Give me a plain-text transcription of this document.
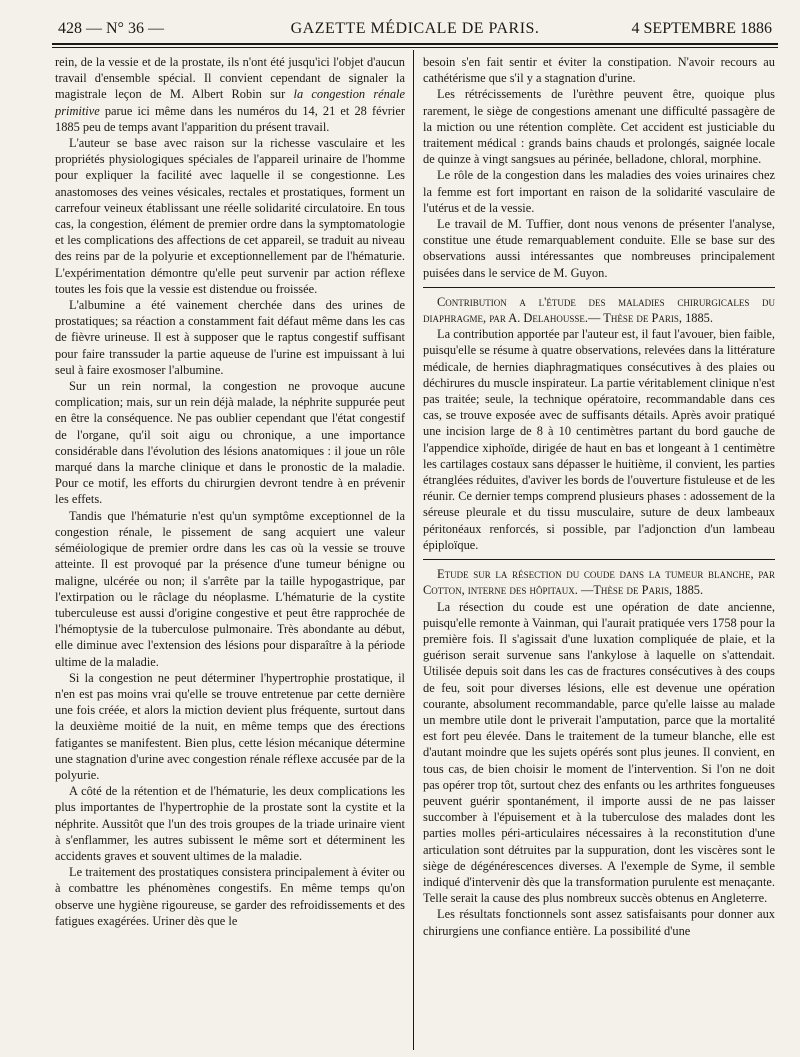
428 — N° 36 —	GAZETTE MÉDICALE DE PARIS.	4 SEPTEMBRE 1886

rein, de la vessie et de la prostate, ils n'ont été jusqu'ici l'objet d'aucun travail d'ensemble spécial. Il convient cependant de signaler la magistrale leçon de M. Albert Robin sur la congestion rénale primitive parue ici même dans les numéros du 14, 21 et 28 février 1885 peu de temps avant l'apparition du présent travail.

L'auteur se base avec raison sur la richesse vasculaire et les propriétés physiologiques spéciales de l'appareil urinaire de l'homme pour expliquer la facilité avec laquelle il se congestionne. Les anastomoses des veines vésicales, rectales et prostatiques, forment un carrefour veineux établissant une réelle solidarité circulatoire. En tous cas, la congestion, élément de premier ordre dans la symptomatologie et les complications des affections de cet appareil, se traduit au niveau des reins par de la polyurie et exceptionnellement par de l'hématurie. L'expérimentation démontre qu'elle peut survenir par action réflexe toutes les fois que la vessie est distendue ou froissée.

L'albumine a été vainement cherchée dans des urines de prostatiques; sa réaction a constamment fait défaut même dans les cas de fièvre urineuse. Il est à supposer que le raptus congestif suffisant pour faire transsuder la partie aqueuse de l'urine est impuissant à lui seul à faire exosmoser l'albumine.

Sur un rein normal, la congestion ne provoque aucune complication; mais, sur un rein déjà malade, la néphrite suppurée peut en être la conséquence. Ne pas oublier cependant que l'état congestif de l'organe, qu'il soit aigu ou chronique, a une importance considérable dans l'évolution des lésions anatomiques : il joue un rôle marqué dans la marche clinique et dans le pronostic de la maladie. Pour ce motif, les efforts du chirurgien devront tendre à en prévenir les effets.

Tandis que l'hématurie n'est qu'un symptôme exceptionnel de la congestion rénale, le pissement de sang acquiert une valeur séméiologique de premier ordre dans les cas où la vessie se trouve atteinte. Il est provoqué par la présence d'une tumeur bénigne ou maligne, ulcérée ou non; il s'arrête par la taille hypogastrique, par l'extirpation ou le râclage du néoplasme. L'hématurie de la cystite tuberculeuse est aussi d'origine congestive et peut être rapprochée de l'hémoptysie de la tuberculose pulmonaire. Très abondante au début, elle diminue avec l'extension des lésions pour disparaître à la période ultime de la maladie.

Si la congestion ne peut déterminer l'hypertrophie prostatique, il n'en est pas moins vrai qu'elle se trouve entretenue par cette dernière une fois créée, et alors la miction devient plus fréquente, surtout dans la deuxième moitié de la nuit, en même temps que des érections fatigantes se manifestent. Bien plus, cette lésion mécanique détermine une stagnation d'urine avec congestion rénale réflexe accusée par de la polyurie.

A côté de la rétention et de l'hématurie, les deux complications les plus importantes de l'hypertrophie de la prostate sont la cystite et la néphrite. Aussitôt que l'un des trois groupes de la triade urinaire vient à s'enflammer, les autres subissent le même sort et déterminent les accidents graves et souvent ultimes de la maladie.

Le traitement des prostatiques consistera principalement à éviter ou à combattre les phénomènes congestifs. En même temps qu'on observe une hygiène rigoureuse, se garder des refroidissements et des fatigues exagérées. Uriner dès que le

besoin s'en fait sentir et éviter la constipation. N'avoir recours au cathétérisme que s'il y a stagnation d'urine.

Les rétrécissements de l'urèthre peuvent être, quoique plus rarement, le siège de congestions amenant une difficulté passagère de la miction ou une rétention complète. Cet accident est justiciable du traitement médical : grands bains chauds et prolongés, saignée locale de quinze à vingt sangsues au périnée, belladone, chloral, morphine.

Le rôle de la congestion dans les maladies des voies urinaires chez la femme est fort important en raison de la solidarité vasculaire de l'utérus et de la vessie.

Le travail de M. Tuffier, dont nous venons de présenter l'analyse, constitue une étude remarquablement conduite. Elle se base sur des observations aussi intéressantes que nombreuses principalement puisées dans le service de M. Guyon.

Contribution a l'étude des maladies chirurgicales du diaphragme, par A. Delahousse.— Thèse de Paris, 1885.

La contribution apportée par l'auteur est, il faut l'avouer, bien faible, puisqu'elle se résume à quatre observations, relevées dans la littérature médicale, de hernies diaphragmatiques consécutives à des plaies ou déchirures du muscle inspirateur. La partie véritablement clinique n'est pas traitée; seule, la technique opératoire, recommandable dans ces cas, se trouve exposée avec de suffisants détails. Après avoir pratiqué une incision large de 8 à 10 centimètres partant du bord gauche de l'appendice xiphoïde, dirigée de haut en bas et longeant à 1 centimètre les cartilages costaux sans dépasser le huitième, il convient, les parties étranglées réduites, d'aviver les bords de l'ouverture fistuleuse et de les réunir. Ce dernier temps comprend plusieurs phases : adossement de la séreuse pleurale et du tissu musculaire, suture de deux lambeaux péritonéaux renforcés, si possible, par l'adjonction d'un lambeau épiploïque.

Etude sur la résection du coude dans la tumeur blanche, par Cotton, interne des hôpitaux. —Thèse de Paris, 1885.

La résection du coude est une opération de date ancienne, puisqu'elle remonte à Vainman, qui l'aurait pratiquée vers 1758 pour la première fois. Il s'agissait d'une luxation compliquée de plaie, et la guérison serait survenue sans l'ankylose à laquelle on s'attendait. Utilisée depuis soit dans les cas de fractures consécutives à des coups de feu, soit pour diverses lésions, elle est devenue une opération courante, absolument recommandable, parce qu'elle laisse au malade un membre utile dont le priverait l'amputation, parce que la mortalité est fort peu élevée. Dans le traitement de la tumeur blanche, elle est d'autant moindre que les sujets opérés sont plus jeunes. Il convient, en tous cas, de bien choisir le moment de l'intervention. Si l'on ne doit pas opérer trop tôt, surtout chez des enfants ou les arthrites fongueuses peuvent guérir spontanément, il importe aussi de ne pas laisser succomber à l'épuisement et à la tuberculose des malades dont les parties molles péri-articulaires nécessaires à la reconstitution d'une articulation sont détruites par la suppuration, dont les viscères sont le siège de dégénérescences diverses. A l'exemple de Syme, il semble indiqué d'intervenir dès que la transformation purulente est menaçante. Telle serait la cause des plus nombreux succès obtenus en Angleterre.

Les résultats fonctionnels sont assez satisfaisants pour donner aux chirurgiens une confiance entière. La possibilité d'une
